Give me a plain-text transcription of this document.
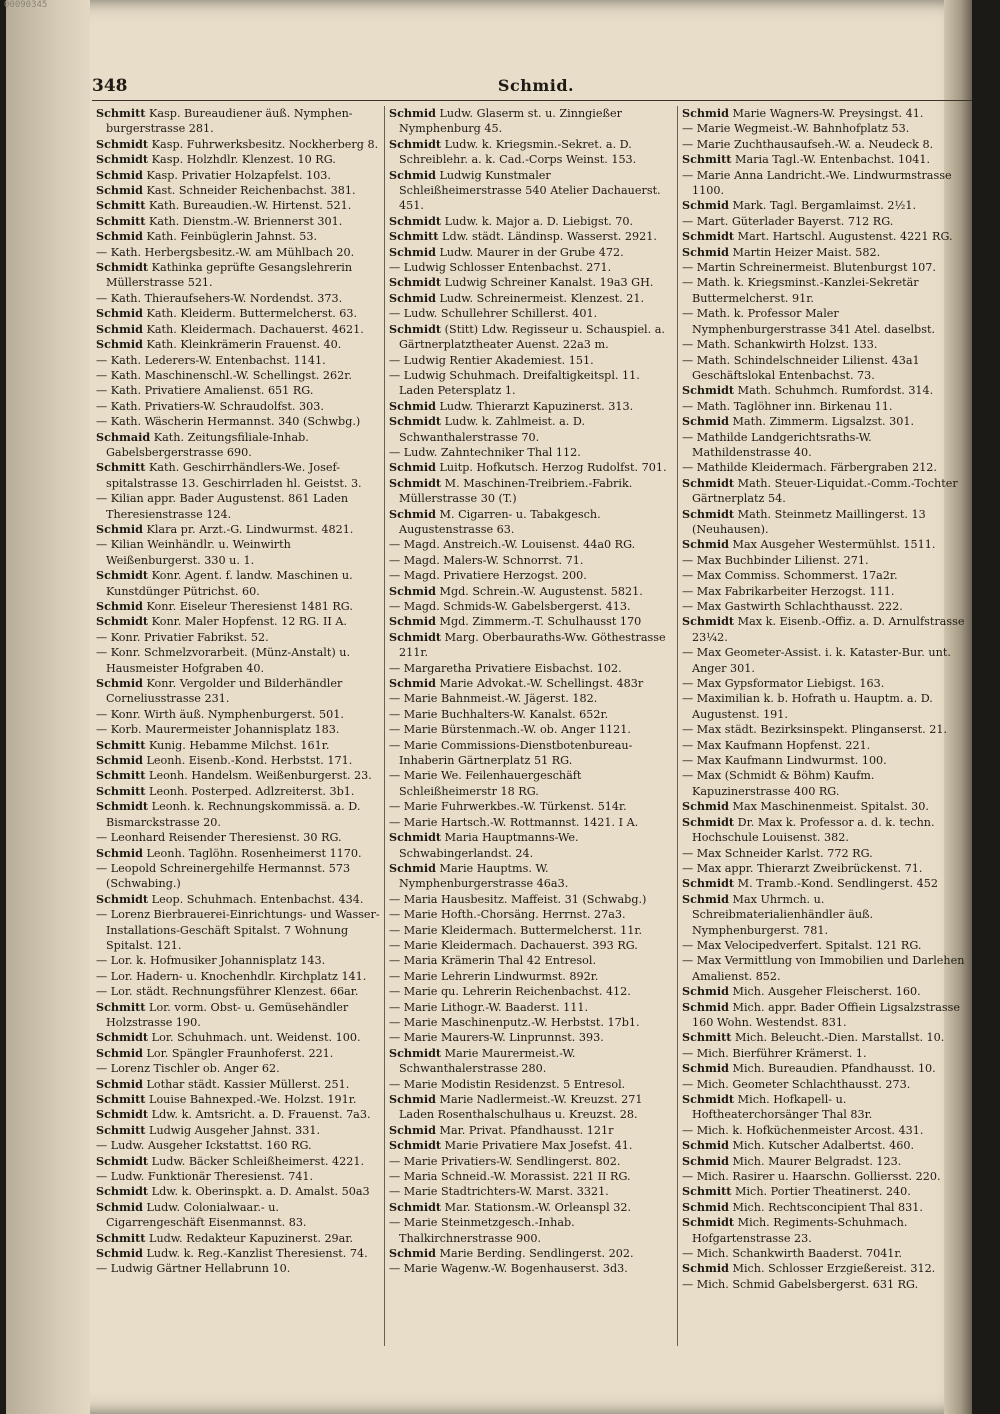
348	Schmid.
Schmitt Kasp. Bureaudiener äuß. Nymphen-burgerstrasse 281.
Schmidt Kasp. Fuhrwerksbesitz. Nockherberg 8.
Schmidt Kasp. Holzhdlr. Klenzest. 10 RG.
Schmid Kasp. Privatier Holzapfelst. 103.
Schmid Kast. Schneider Reichenbachst. 381.
Schmitt Kath. Bureaudien.-W. Hirtenst. 521.
Schmitt Kath. Dienstm.-W. Briennerst 301.
Schmid Kath. Feinbüglerin Jahnst. 53.
— Kath. Herbergsbesitz.-W. am Mühlbach 20.
Schmidt Kathinka geprüfte Gesangslehrerin Müllerstrasse 521.
— Kath. Thieraufsehers-W. Nordendst. 373.
Schmid Kath. Kleiderm. Buttermelcherst. 63.
Schmid Kath. Kleidermach. Dachauerst. 4621.
Schmid Kath. Kleinkrämerin Frauenst. 40.
— Kath. Lederers-W. Entenbachst. 1141.
— Kath. Maschinenschl.-W. Schellingst. 262r.
— Kath. Privatiere Amalienst. 651 RG.
— Kath. Privatiers-W. Schraudolfst. 303.
— Kath. Wäscherin Hermannst. 340 (Schwbg.)
Schmaid Kath. Zeitungsfiliale-Inhab. Gabelsbergerstrasse 690.
Schmitt Kath. Geschirrhändlers-We. Josef-spitalstrasse 13. Geschirrladen hl. Geistst. 3.
— Kilian appr. Bader Augustenst. 861 Laden Theresienstrasse 124.
Schmid Klara pr. Arzt.-G. Lindwurmst. 4821.
— Kilian Weinhändlr. u. Weinwirth Weißenburgerst. 330 u. 1.
Schmidt Konr. Agent. f. landw. Maschinen u. Kunstdünger Pütrichst. 60.
Schmid Konr. Eiseleur Theresienst 1481 RG.
Schmidt Konr. Maler Hopfenst. 12 RG. II A.
— Konr. Privatier Fabrikst. 52.
— Konr. Schmelzvorarbeit. (Münz-Anstalt) u. Hausmeister Hofgraben 40.
Schmid Konr. Vergolder und Bilderhändler Corneliusstrasse 231.
— Konr. Wirth äuß. Nymphenburgerst. 501.
— Korb. Maurermeister Johannisplatz 183.
Schmitt Kunig. Hebamme Milchst. 161r.
Schmid Leonh. Eisenb.-Kond. Herbstst. 171.
Schmitt Leonh. Handelsm. Weißenburgerst. 23.
Schmitt Leonh. Posterped. Adlzreiterst. 3b1.
Schmidt Leonh. k. Rechnungskommissä. a. D. Bismarckstrasse 20.
— Leonhard Reisender Theresienst. 30 RG.
Schmid Leonh. Taglöhn. Rosenheimerst 1170.
— Leopold Schreinergehilfe Hermannst. 573 (Schwabing.)
Schmidt Leop. Schuhmach. Entenbachst. 434.
— Lorenz Bierbrauerei-Einrichtungs- und Wasser-Installations-Geschäft Spitalst. 7 Wohnung Spitalst. 121.
— Lor. k. Hofmusiker Johannisplatz 143.
— Lor. Hadern- u. Knochenhdlr. Kirchplatz 141.
— Lor. städt. Rechnungsführer Klenzest. 66ar.
Schmitt Lor. vorm. Obst- u. Gemüsehändler Holzstrasse 190.
Schmidt Lor. Schuhmach. unt. Weidenst. 100.
Schmid Lor. Spängler Fraunhoferst. 221.
— Lorenz Tischler ob. Anger 62.
Schmid Lothar städt. Kassier Müllerst. 251.
Schmitt Louise Bahnexped.-We. Holzst. 191r.
Schmidt Ldw. k. Amtsricht. a. D. Frauenst. 7a3.
Schmitt Ludwig Ausgeher Jahnst. 331.
— Ludw. Ausgeher Ickstattst. 160 RG.
Schmidt Ludw. Bäcker Schleißheimerst. 4221.
— Ludw. Funktionär Theresienst. 741.
Schmidt Ldw. k. Oberinspkt. a. D. Amalst. 50a3
Schmid Ludw. Colonialwaar.- u. Cigarrengeschäft Eisenmannst. 83.
Schmitt Ludw. Redakteur Kapuzinerst. 29ar.
Schmid Ludw. k. Reg.-Kanzlist Theresienst. 74.
— Ludwig Gärtner Hellabrunn 10.
Schmid Ludw. Glaserm st. u. Zinngießer Nymphenburg 45.
Schmidt Ludw. k. Kriegsmin.-Sekret. a. D. Schreiblehr. a. k. Cad.-Corps Weinst. 153.
Schmid Ludwig Kunstmaler Schleißheimerstrasse 540 Atelier Dachauerst. 451.
Schmidt Ludw. k. Major a. D. Liebigst. 70.
Schmitt Ldw. städt. Ländinsp. Wasserst. 2921.
Schmid Ludw. Maurer in der Grube 472.
— Ludwig Schlosser Entenbachst. 271.
Schmidt Ludwig Schreiner Kanalst. 19a3 GH.
Schmid Ludw. Schreinermeist. Klenzest. 21.
— Ludw. Schullehrer Schillerst. 401.
Schmidt (Stitt) Ldw. Regisseur u. Schauspiel. a. Gärtnerplatztheater Auenst. 22a3 m.
— Ludwig Rentier Akademiest. 151.
— Ludwig Schuhmach. Dreifaltigkeitspl. 11. Laden Petersplatz 1.
Schmid Ludw. Thierarzt Kapuzinerst. 313.
Schmidt Ludw. k. Zahlmeist. a. D. Schwanthalerstrasse 70.
— Ludw. Zahntechniker Thal 112.
Schmid Luitp. Hofkutsch. Herzog Rudolfst. 701.
Schmidt M. Maschinen-Treibriem.-Fabrik. Müllerstrasse 30 (T.)
Schmid M. Cigarren- u. Tabakgesch. Augustenstrasse 63.
— Magd. Anstreich.-W. Louisenst. 44a0 RG.
— Magd. Malers-W. Schnorrst. 71.
— Magd. Privatiere Herzogst. 200.
Schmid Mgd. Schrein.-W. Augustenst. 5821.
— Magd. Schmids-W. Gabelsbergerst. 413.
Schmid Mgd. Zimmerm.-T. Schulhausst 170
Schmidt Marg. Oberbauraths-Ww. Göthestrasse 211r.
— Margaretha Privatiere Eisbachst. 102.
Schmid Marie Advokat.-W. Schellingst. 483r
— Marie Bahnmeist.-W. Jägerst. 182.
— Marie Buchhalters-W. Kanalst. 652r.
— Marie Bürstenmach.-W. ob. Anger 1121.
— Marie Commissions-Dienstbotenbureau-Inhaberin Gärtnerplatz 51 RG.
— Marie We. Feilenhauergeschäft Schleißheimerstr 18 RG.
— Marie Fuhrwerkbes.-W. Türkenst. 514r.
— Marie Hartsch.-W. Rottmannst. 1421. I A.
Schmidt Maria Hauptmanns-We. Schwabingerlandst. 24.
Schmid Marie Hauptms. W. Nymphenburgerstrasse 46a3.
— Maria Hausbesitz. Maffeist. 31 (Schwabg.)
— Marie Hofth.-Chorsäng. Herrnst. 27a3.
— Marie Kleidermach. Buttermelcherst. 11r.
— Marie Kleidermach. Dachauerst. 393 RG.
— Maria Krämerin Thal 42 Entresol.
— Marie Lehrerin Lindwurmst. 892r.
— Marie qu. Lehrerin Reichenbachst. 412.
— Marie Lithogr.-W. Baaderst. 111.
— Marie Maschinenputz.-W. Herbstst. 17b1.
— Marie Maurers-W. Linprunnst. 393.
Schmidt Marie Maurermeist.-W. Schwanthalerstrasse 280.
— Marie Modistin Residenzst. 5 Entresol.
Schmid Marie Nadlermeist.-W. Kreuzst. 271 Laden Rosenthalschulhaus u. Kreuzst. 28.
Schmid Mar. Privat. Pfandhausst. 121r
Schmidt Marie Privatiere Max Josefst. 41.
— Marie Privatiers-W. Sendlingerst. 802.
— Maria Schneid.-W. Morassist. 221 II RG.
— Marie Stadtrichters-W. Marst. 3321.
Schmidt Mar. Stationsm.-W. Orleanspl 32.
— Marie Steinmetzgesch.-Inhab. Thalkirchnerstrasse 900.
Schmid Marie Berding. Sendlingerst. 202.
— Marie Wagenw.-W. Bogenhauserst. 3d3.
Schmid Marie Wagners-W. Preysingst. 41.
— Marie Wegmeist.-W. Bahnhofplatz 53.
— Marie Zuchthausaufseh.-W. a. Neudeck 8.
Schmitt Maria Tagl.-W. Entenbachst. 1041.
— Marie Anna Landricht.-We. Lindwurmstrasse 1100.
Schmid Mark. Tagl. Bergamlaimst. 2½1.
— Mart. Güterlader Bayerst. 712 RG.
Schmidt Mart. Hartschl. Augustenst. 4221 RG.
Schmid Martin Heizer Maist. 582.
— Martin Schreinermeist. Blutenburgst 107.
— Math. k. Kriegsminst.-Kanzlei-Sekretär Buttermelcherst. 91r.
— Math. k. Professor Maler Nymphenburgerstrasse 341 Atel. daselbst.
— Math. Schankwirth Holzst. 133.
— Math. Schindelschneider Lilienst. 43a1 Geschäftslokal Entenbachst. 73.
Schmidt Math. Schuhmch. Rumfordst. 314.
— Math. Taglöhner inn. Birkenau 11.
Schmid Math. Zimmerm. Ligsalzst. 301.
— Mathilde Landgerichtsraths-W. Mathildenstrasse 40.
— Mathilde Kleidermach. Färbergraben 212.
Schmidt Math. Steuer-Liquidat.-Comm.-Tochter Gärtnerplatz 54.
Schmidt Math. Steinmetz Maillingerst. 13 (Neuhausen).
Schmid Max Ausgeher Westermühlst. 1511.
— Max Buchbinder Lilienst. 271.
— Max Commiss. Schommerst. 17a2r.
— Max Fabrikarbeiter Herzogst. 111.
— Max Gastwirth Schlachthausst. 222.
Schmidt Max k. Eisenb.-Offiz. a. D. Arnulfstrasse 23¼2.
— Max Geometer-Assist. i. k. Kataster-Bur. unt. Anger 301.
— Max Gypsformator Liebigst. 163.
— Maximilian k. b. Hofrath u. Hauptm. a. D. Augustenst. 191.
— Max städt. Bezirksinspekt. Plinganserst. 21.
— Max Kaufmann Hopfenst. 221.
— Max Kaufmann Lindwurmst. 100.
— Max (Schmidt & Böhm) Kaufm. Kapuzinerstrasse 400 RG.
Schmid Max Maschinenmeist. Spitalst. 30.
Schmidt Dr. Max k. Professor a. d. k. techn. Hochschule Louisenst. 382.
— Max Schneider Karlst. 772 RG.
— Max appr. Thierarzt Zweibrückenst. 71.
Schmidt M. Tramb.-Kond. Sendlingerst. 452
Schmid Max Uhrmch. u. Schreibmaterialienhändler äuß. Nymphenburgerst. 781.
— Max Velocipedverfert. Spitalst. 121 RG.
— Max Vermittlung von Immobilien und Darlehen Amalienst. 852.
Schmid Mich. Ausgeher Fleischerst. 160.
Schmid Mich. appr. Bader Offiein Ligsalzstrasse 160 Wohn. Westendst. 831.
Schmitt Mich. Beleucht.-Dien. Marstallst. 10.
— Mich. Bierführer Krämerst. 1.
Schmid Mich. Bureaudien. Pfandhausst. 10.
— Mich. Geometer Schlachthausst. 273.
Schmidt Mich. Hofkapell- u. Hoftheaterchorsänger Thal 83r.
— Mich. k. Hofküchenmeister Arcost. 431.
Schmid Mich. Kutscher Adalbertst. 460.
Schmid Mich. Maurer Belgradst. 123.
— Mich. Rasirer u. Haarschn. Golliersst. 220.
Schmitt Mich. Portier Theatinerst. 240.
Schmid Mich. Rechtsconcipient Thal 831.
Schmidt Mich. Regiments-Schuhmach. Hofgartenstrasse 23.
— Mich. Schankwirth Baaderst. 7041r.
Schmid Mich. Schlosser Erzgießereist. 312.
— Mich. Schmid Gabelsbergerst. 631 RG.
00090345
